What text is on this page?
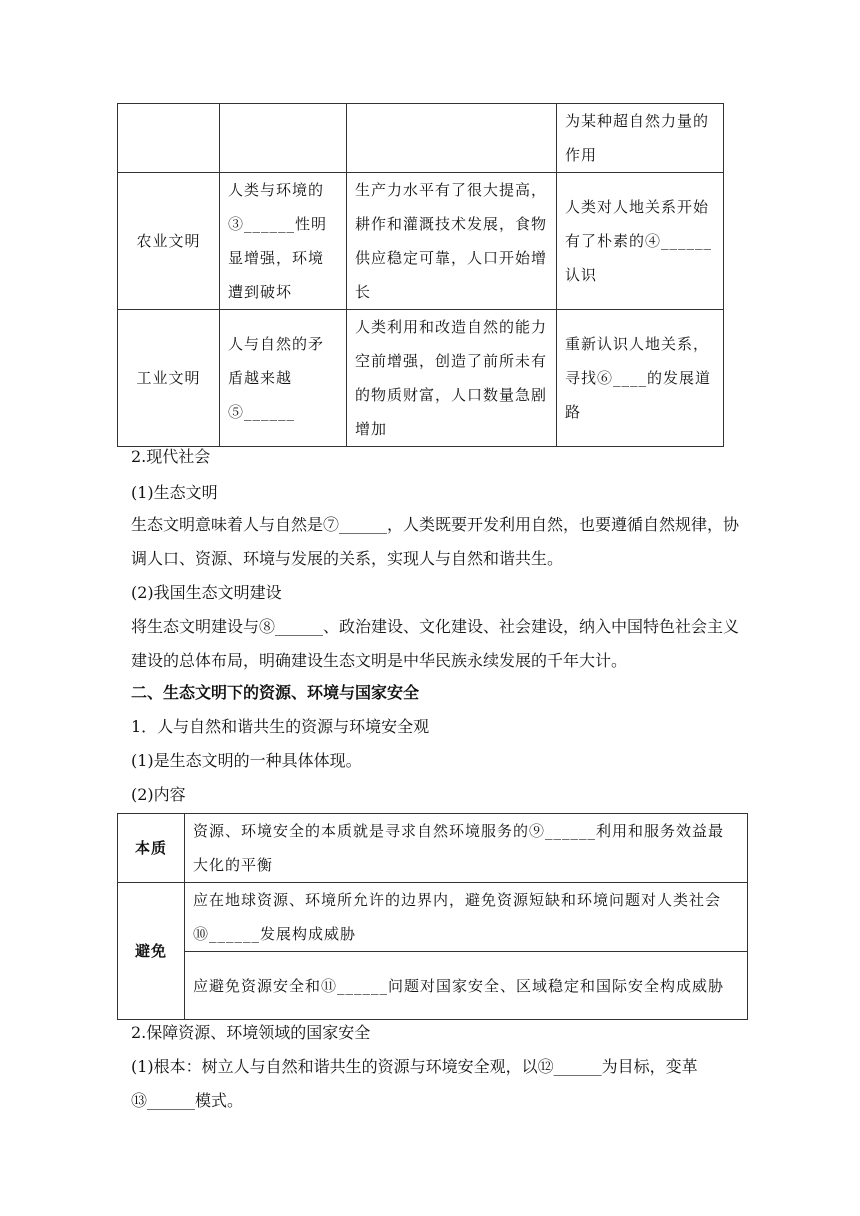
			为某种超自然力量的作用
农业文明	人类与环境的③______性明显增强，环境遭到破坏	生产力水平有了很大提高，耕作和灌溉技术发展，食物供应稳定可靠，人口开始增长	人类对人地关系开始有了朴素的④______认识
工业文明	人与自然的矛盾越来越⑤______	人类利用和改造自然的能力空前增强，创造了前所未有的物质财富，人口数量急剧增加	重新认识人地关系，寻找⑥____的发展道路
2.现代社会
(1)生态文明
生态文明意味着人与自然是⑦______，人类既要开发利用自然，也要遵循自然规律，协调人口、资源、环境与发展的关系，实现人与自然和谐共生。
(2)我国生态文明建设
将生态文明建设与⑧______、政治建设、文化建设、社会建设，纳入中国特色社会主义建设的总体布局，明确建设生态文明是中华民族永续发展的千年大计。
二、生态文明下的资源、环境与国家安全
1．人与自然和谐共生的资源与环境安全观
(1)是生态文明的一种具体体现。
(2)内容
本质	资源、环境安全的本质就是寻求自然环境服务的⑨______利用和服务效益最大化的平衡
避免	应在地球资源、环境所允许的边界内，避免资源短缺和环境问题对人类社会⑩______发展构成威胁
	应避免资源安全和⑪______问题对国家安全、区域稳定和国际安全构成威胁
2.保障资源、环境领域的国家安全
(1)根本：树立人与自然和谐共生的资源与环境安全观，以⑫______为目标，变革⑬______模式。
